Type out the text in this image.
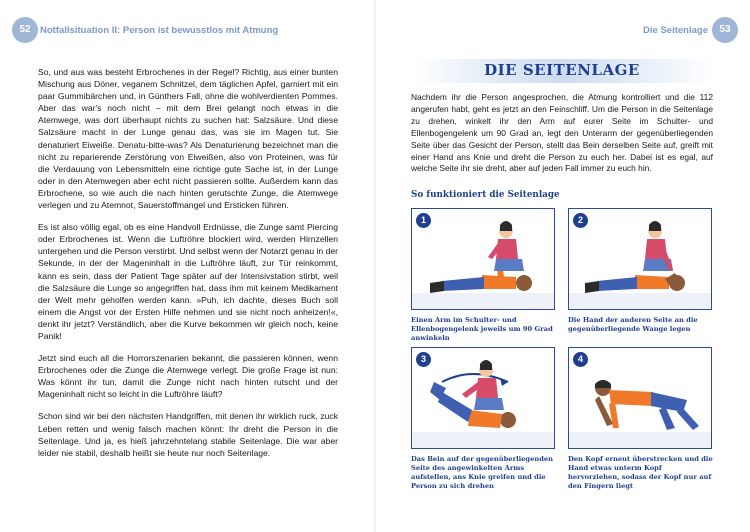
52 Notfallsituation II: Person ist bewusstlos mit Atmung

So, und aus was besteht Erbrochenes in der Regel? Richtig, aus einer bunten Mischung aus Döner, veganem Schnitzel, dem täglichen Apfel, garniert mit ein paar Gummibärchen und, in Günthers Fall, ohne die wohlverdienten Pommes. Aber das war's noch nicht – mit dem Brei gelangt noch etwas in die Atemwege, was dort überhaupt nichts zu suchen hat: Salzsäure. Und diese Salzsäure macht in der Lunge genau das, was sie im Magen tut. Sie denaturiert Eiweiße. Denatu-bitte-was? Als Denaturierung bezeichnet man die nicht zu reparierende Zerstörung von Eiweißen, also von Proteinen, was für die Verdauung von Lebensmitteln eine richtige gute Sache ist, in der Lunge oder in den Atemwegen aber echt nicht passieren sollte. Außerdem kann das Erbrochene, so wie auch die nach hinten gerutschte Zunge, die Atemwege verlegen und zu Atemnot, Sauerstoffmangel und Ersticken führen.

Es ist also völlig egal, ob es eine Handvoll Erdnüsse, die Zunge samt Piercing oder Erbrochenes ist. Wenn die Luftröhre blockiert wird, werden Hirnzellen untergehen und die Person verstirbt. Und selbst wenn der Notarzt genau in der Sekunde, in der der Mageninhalt in die Luftröhre läuft, zur Tür reinkommt, kann es sein, dass der Patient Tage später auf der Intensivstation stirbt, weil die Salzsäure die Lunge so angegriffen hat, dass ihm mit keinem Medikament der Welt mehr geholfen werden kann. »Puh, ich dachte, dieses Buch soll einem die Angst vor der Ersten Hilfe nehmen und sie nicht noch anheizen!«, denkt ihr jetzt? Verständlich, aber die Kurve bekommen wir gleich noch, keine Panik!

Jetzt sind euch all die Horrorszenarien bekannt, die passieren können, wenn Erbrochenes oder die Zunge die Atemwege verlegt. Die große Frage ist nun: Was könnt ihr tun, damit die Zunge nicht nach hinten rutscht und der Mageninhalt nicht so leicht in die Luftröhre läuft?

Schon sind wir bei den nächsten Handgriffen, mit denen ihr wirklich ruck, zuck Leben retten und wenig falsch machen könnt: Ihr dreht die Person in die Seitenlage. Und ja, es hieß jahrzehntelang stabile Seitenlage. Die war aber leider nie stabil, deshalb heißt sie heute nur noch Seitenlage.

53
Die Seitenlage
DIE SEITENLAGE

Nachdem ihr die Person angesprochen, die Atmung kontrolliert und die 112 angerufen habt, geht es jetzt an den Feinschliff. Um die Person in die Seitenlage zu drehen, winkelt ihr den Arm auf eurer Seite im Schulter- und Ellenbogengelenk um 90 Grad an, legt den Unterarm der gegenüberliegenden Seite über das Gesicht der Person, stellt das Bein derselben Seite auf, greift mit einer Hand ans Knie und dreht die Person zu euch her. Dabei ist es egal, auf welche Seite ihr sie dreht, aber auf jeden Fall immer zu euch hin.

So funktioniert die Seitenlage
1

Einen Arm im Schulter- und Ellenbogengelenk jeweils um 90 Grad anwinkeln

2

Die Hand der anderen Seite an die gegenüberliegende Wange legen

3

Das Bein auf der gegenüberliegenden Seite des angewinkelten Arms aufstellen, ans Knie greifen und die Person zu sich drehen

4

Den Kopf erneut überstrecken und die Hand etwas unterm Kopf hervorziehen, sodass der Kopf nur auf den Fingern liegt
